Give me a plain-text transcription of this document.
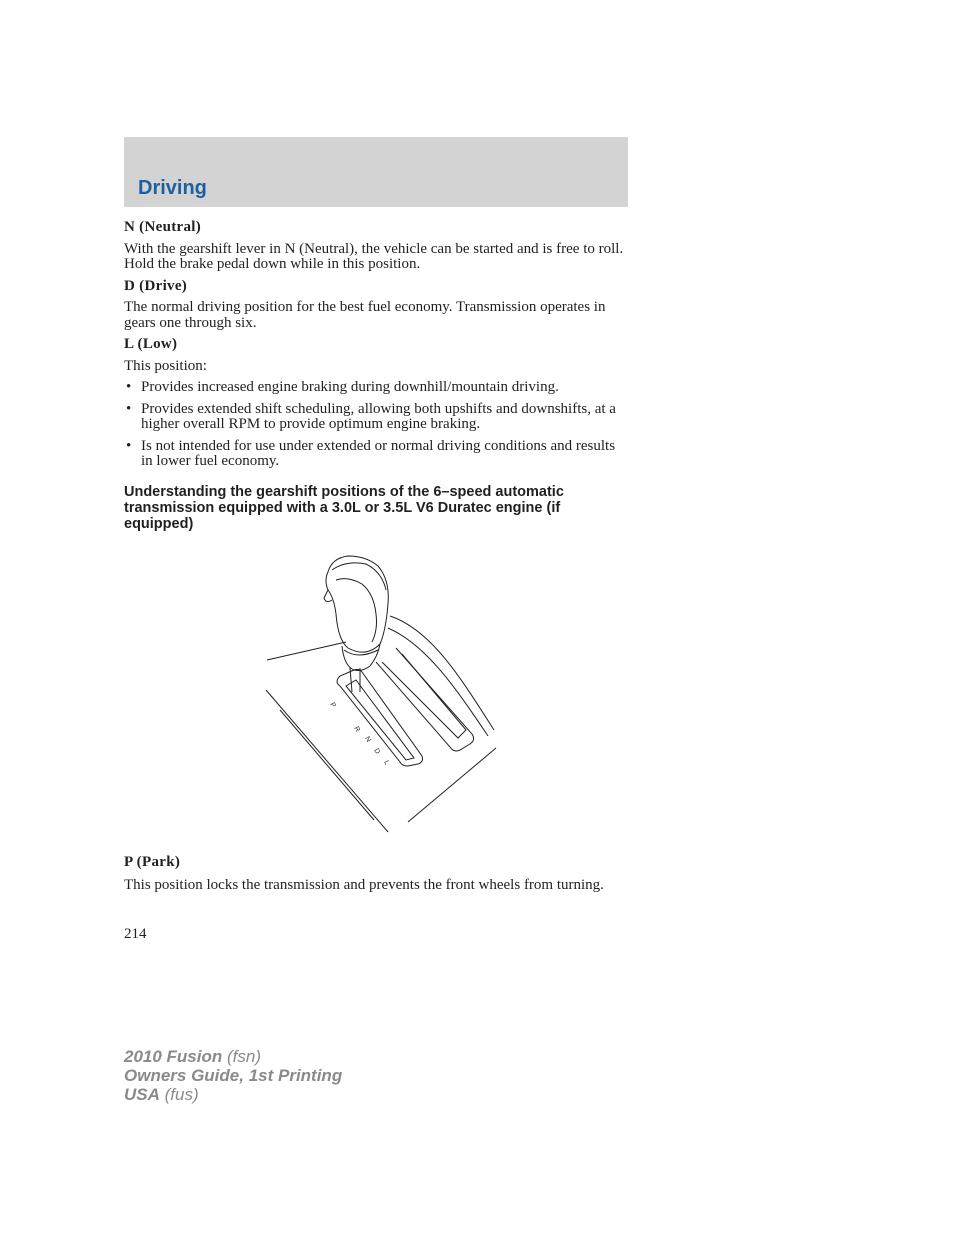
Driving

N (Neutral)

With the gearshift lever in N (Neutral), the vehicle can be started and is free to roll. Hold the brake pedal down while in this position.

D (Drive)

The normal driving position for the best fuel economy. Transmission operates in gears one through six.

L (Low)

This position:

• Provides increased engine braking during downhill/mountain driving.
• Provides extended shift scheduling, allowing both upshifts and downshifts, at a higher overall RPM to provide optimum engine braking.
• Is not intended for use under extended or normal driving conditions and results in lower fuel economy.

Understanding the gearshift positions of the 6–speed automatic transmission equipped with a 3.0L or 3.5L V6 Duratec engine (if equipped)

P
R
N
D
L

P (Park)

This position locks the transmission and prevents the front wheels from turning.

214
2010 Fusion (fsn)
Owners Guide, 1st Printing
USA (fus)
